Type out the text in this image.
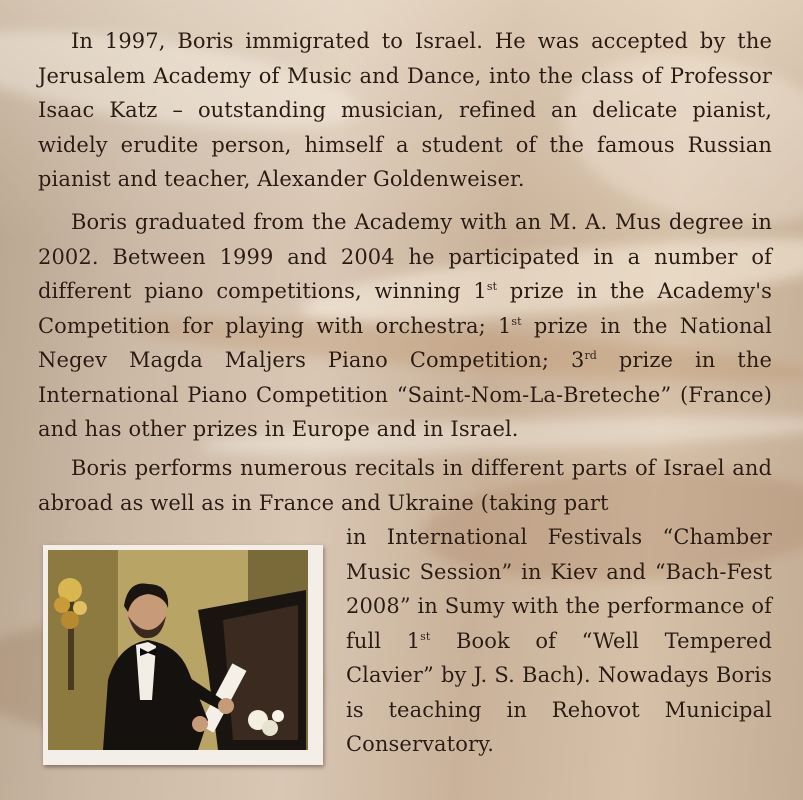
In 1997, Boris immigrated to Israel. He was accepted by the Jerusalem Academy of Music and Dance, into the class of Professor Isaac Katz – outstanding musician, refined an delicate pianist, widely erudite person, himself a student of the famous Russian pianist and teacher, Alexander Goldenweiser.

Boris graduated from the Academy with an M. A. Mus degree in 2002. Between 1999 and 2004 he participated in a number of different piano competitions, winning 1st prize in the Academy's Competition for playing with orchestra; 1st prize in the National Negev Magda Maljers Piano Competition; 3rd prize in the International Piano Competition “Saint-Nom-La-Breteche” (France) and has other prizes in Europe and in Israel.

Boris performs numerous recitals in different parts of Israel and abroad as well as in France and Ukraine (taking part

in International Festivals “Chamber Music Session” in Kiev and “Bach-Fest 2008” in Sumy with the performance of full 1st Book of “Well Tempered Clavier” by J. S. Bach). Nowadays Boris is teaching in Rehovot Municipal Conservatory.
